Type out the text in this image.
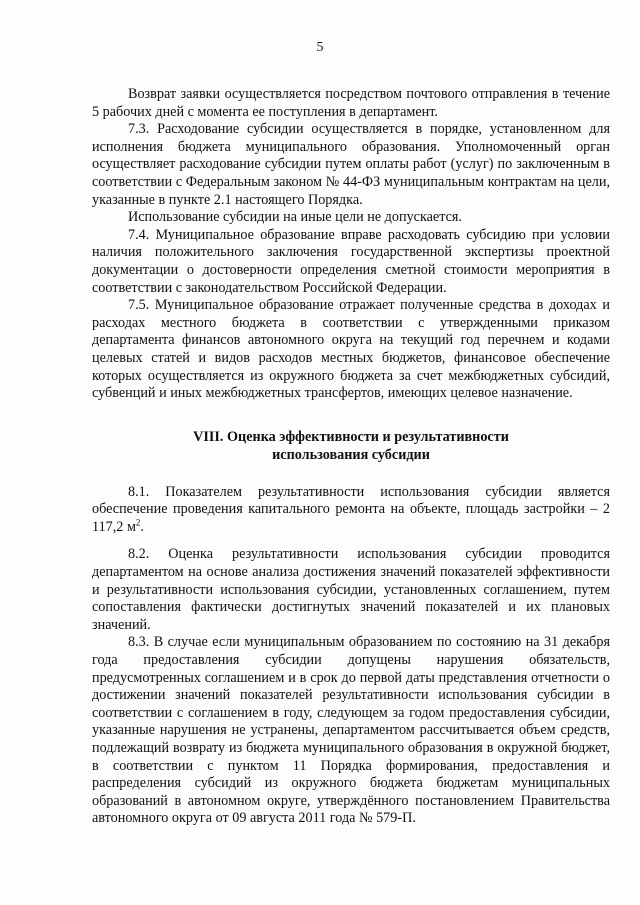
5

Возврат заявки осуществляется посредством почтового отправления в течение 5 рабочих дней с момента ее поступления в департамент.

7.3. Расходование субсидии осуществляется в порядке, установленном для исполнения бюджета муниципального образования. Уполномоченный орган осуществляет расходование субсидии путем оплаты работ (услуг) по заключенным в соответствии с Федеральным законом № 44-ФЗ муниципальным контрактам на цели, указанные в пункте 2.1 настоящего Порядка.

Использование субсидии на иные цели не допускается.

7.4. Муниципальное образование вправе расходовать субсидию при условии наличия положительного заключения государственной экспертизы проектной документации о достоверности определения сметной стоимости мероприятия в соответствии с законодательством Российской Федерации.

7.5. Муниципальное образование отражает полученные средства в доходах и расходах местного бюджета в соответствии с утвержденными приказом департамента финансов автономного округа на текущий год перечнем и кодами целевых статей и видов расходов местных бюджетов, финансовое обеспечение которых осуществляется из окружного бюджета за счет межбюджетных субсидий, субвенций и иных межбюджетных трансфертов, имеющих целевое назначение.

VIII. Оценка эффективности и результативности
использования субсидии

8.1. Показателем результативности использования субсидии является обеспечение проведения капитального ремонта на объекте, площадь застройки – 2 117,2 $м^2$.

8.2. Оценка результативности использования субсидии проводится департаментом на основе анализа достижения значений показателей эффективности и результативности использования субсидии, установленных соглашением, путем сопоставления фактически достигнутых значений показателей и их плановых значений.

8.3. В случае если муниципальным образованием по состоянию на 31 декабря года предоставления субсидии допущены нарушения обязательств, предусмотренных соглашением и в срок до первой даты представления отчетности о достижении значений показателей результативности использования субсидии в соответствии с соглашением в году, следующем за годом предоставления субсидии, указанные нарушения не устранены, департаментом рассчитывается объем средств, подлежащий возврату из бюджета муниципального образования в окружной бюджет, в соответствии с пунктом 11 Порядка формирования, предоставления и распределения субсидий из окружного бюджета бюджетам муниципальных образований в автономном округе, утверждённого постановлением Правительства автономного округа от 09 августа 2011 года № 579-П.
